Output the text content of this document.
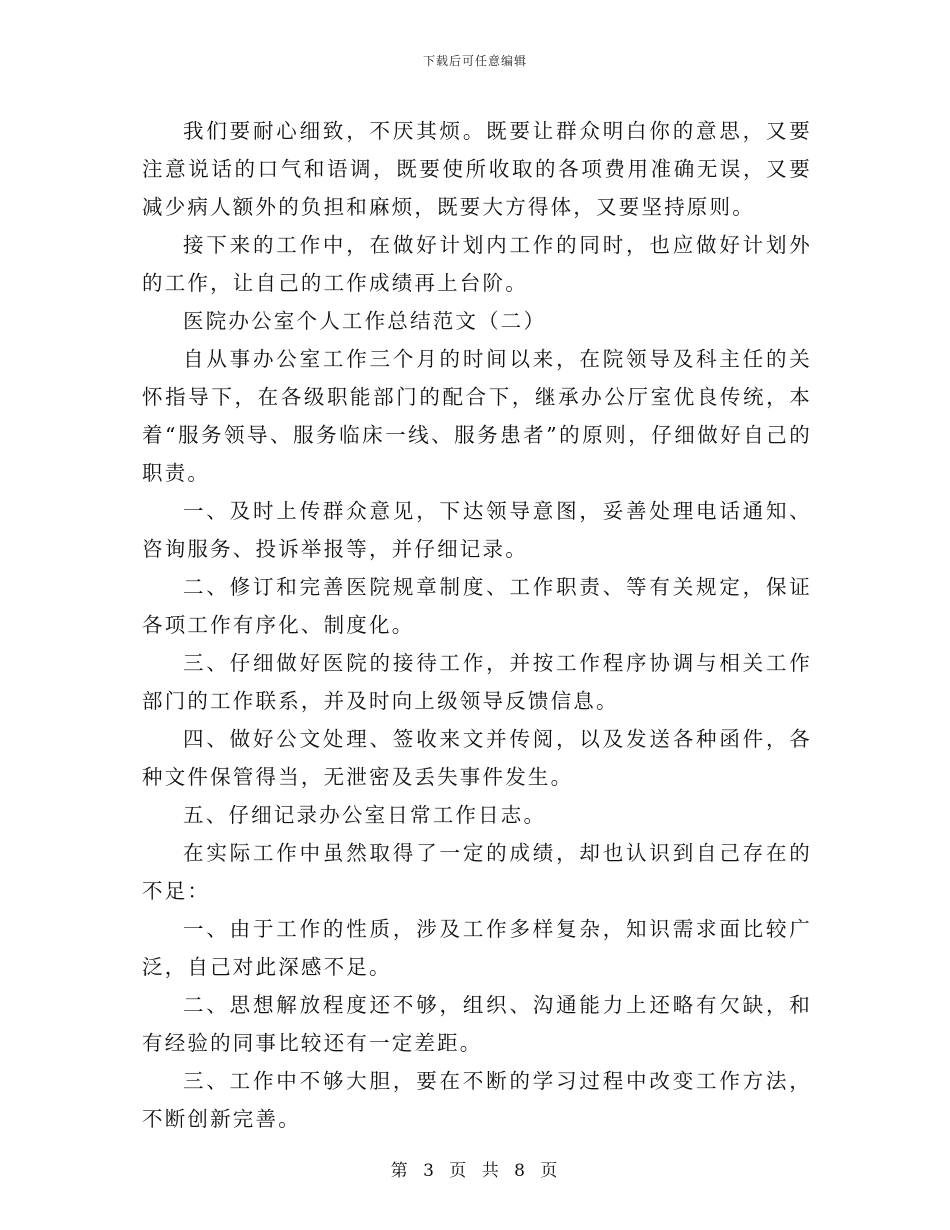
下载后可任意编辑

我们要耐心细致，不厌其烦。既要让群众明白你的意思，又要注意说话的口气和语调，既要使所收取的各项费用准确无误，又要减少病人额外的负担和麻烦，既要大方得体，又要坚持原则。

接下来的工作中，在做好计划内工作的同时，也应做好计划外的工作，让自己的工作成绩再上台阶。

医院办公室个人工作总结范文（二）

自从事办公室工作三个月的时间以来，在院领导及科主任的关怀指导下，在各级职能部门的配合下，继承办公厅室优良传统，本着“服务领导、服务临床一线、服务患者”的原则，仔细做好自己的职责。

一、及时上传群众意见，下达领导意图，妥善处理电话通知、咨询服务、投诉举报等，并仔细记录。

二、修订和完善医院规章制度、工作职责、等有关规定，保证各项工作有序化、制度化。

三、仔细做好医院的接待工作，并按工作程序协调与相关工作部门的工作联系，并及时向上级领导反馈信息。

四、做好公文处理、签收来文并传阅，以及发送各种函件，各种文件保管得当，无泄密及丢失事件发生。

五、仔细记录办公室日常工作日志。

在实际工作中虽然取得了一定的成绩，却也认识到自己存在的不足：

一、由于工作的性质，涉及工作多样复杂，知识需求面比较广泛，自己对此深感不足。

二、思想解放程度还不够，组织、沟通能力上还略有欠缺，和有经验的同事比较还有一定差距。

三、工作中不够大胆，要在不断的学习过程中改变工作方法，不断创新完善。

第 3 页 共 8 页
